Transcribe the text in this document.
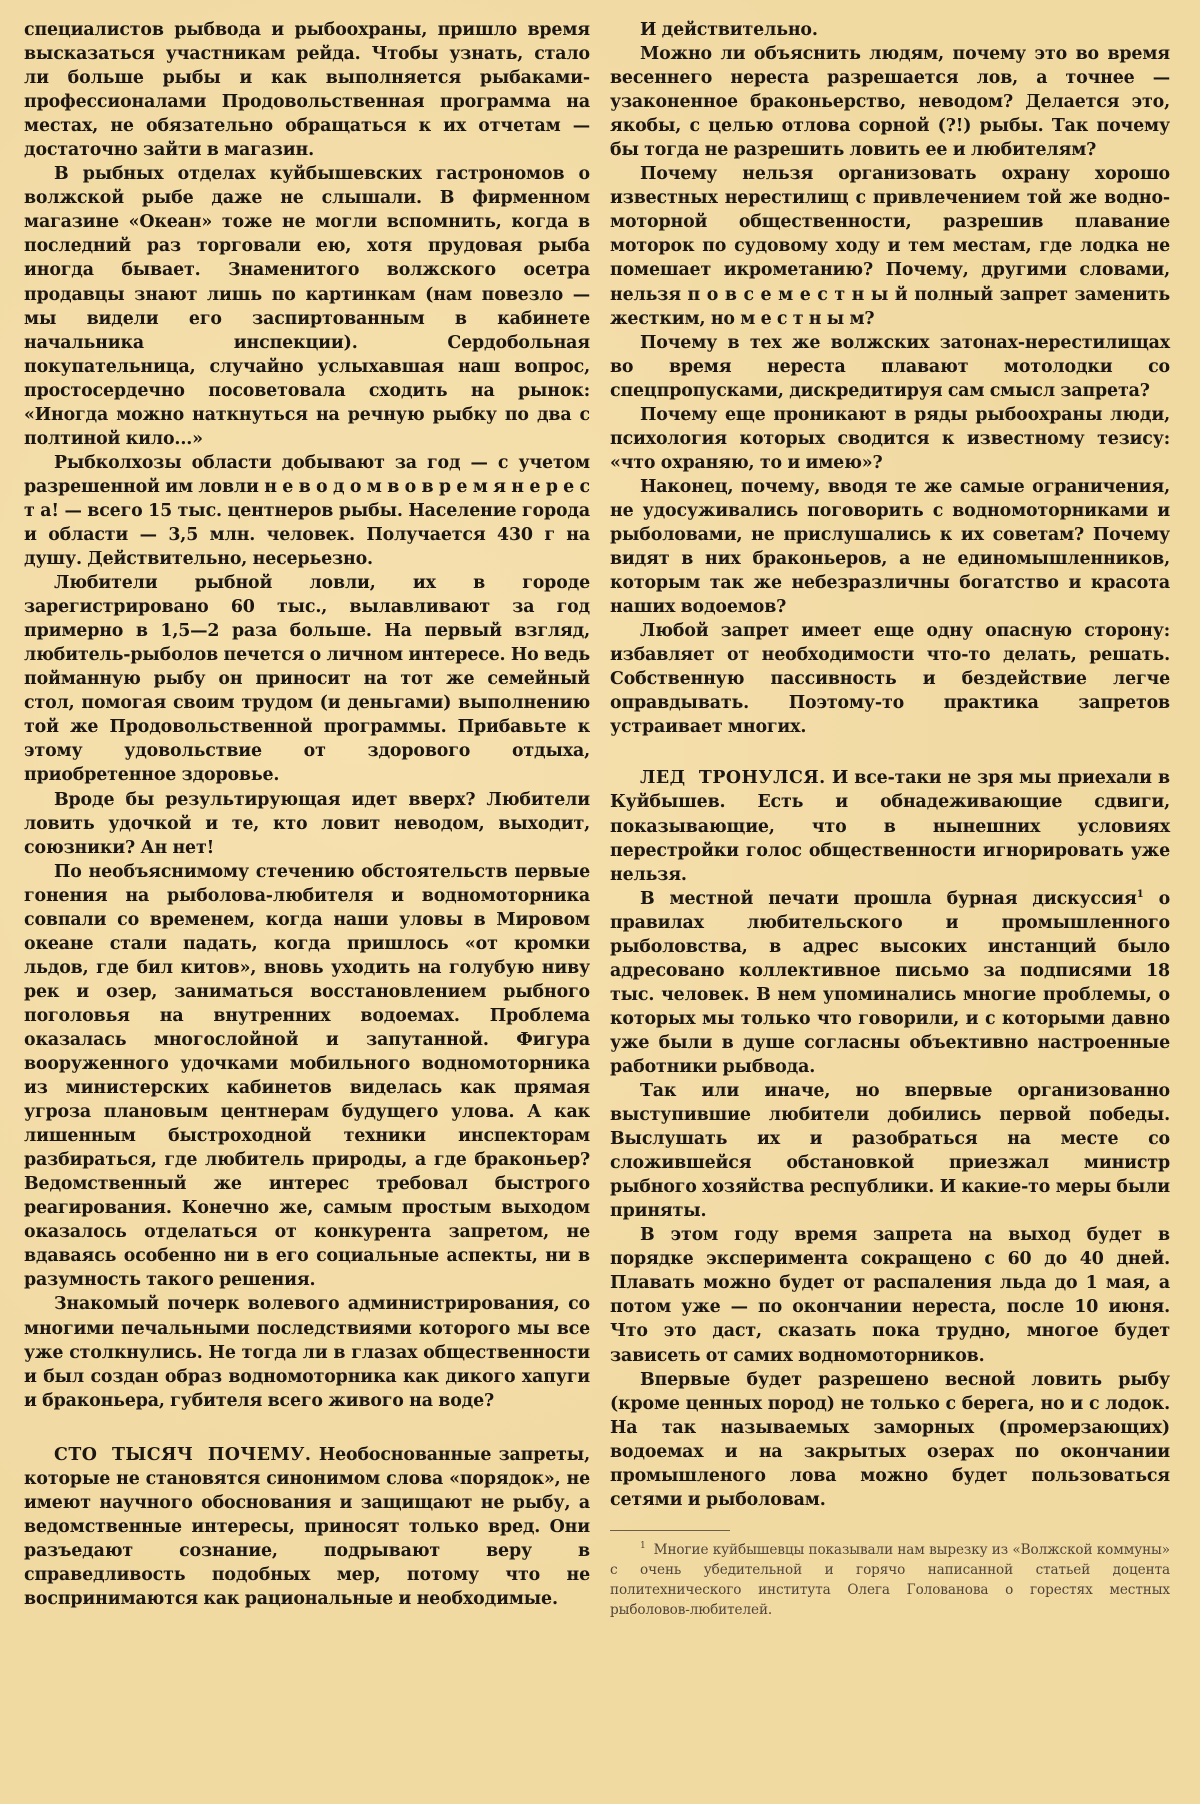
специалистов рыбвода и рыбоохраны, пришло время высказаться участникам рейда. Чтобы узнать, стало ли больше рыбы и как выполняется рыбаками-профессионалами Продовольственная программа на местах, не обязательно обращаться к их отчетам — достаточно зайти в магазин.

В рыбных отделах куйбышевских гастрономов о волжской рыбе даже не слышали. В фирменном магазине «Океан» тоже не могли вспомнить, когда в последний раз торговали ею, хотя прудовая рыба иногда бывает. Знаменитого волжского осетра продавцы знают лишь по картинкам (нам повезло — мы видели его заспиртованным в кабинете начальника инспекции). Сердобольная покупательница, случайно услыхавшая наш вопрос, простосердечно посоветовала сходить на рынок: «Иногда можно наткнуться на речную рыбку по два с полтиной кило...»

Рыбколхозы области добывают за год — с учетом разрешенной им ловли н е в о д о м в о в р е м я н е р е с т а! — всего 15 тыс. центнеров рыбы. Население города и области — 3,5 млн. человек. Получается 430 г на душу. Действительно, несерьезно.

Любители рыбной ловли, их в городе зарегистрировано 60 тыс., вылавливают за год примерно в 1,5—2 раза больше. На первый взгляд, любитель-рыболов печется о личном интересе. Но ведь пойманную рыбу он приносит на тот же семейный стол, помогая своим трудом (и деньгами) выполнению той же Продовольственной программы. Прибавьте к этому удовольствие от здорового отдыха, приобретенное здоровье.

Вроде бы результирующая идет вверх? Любители ловить удочкой и те, кто ловит неводом, выходит, союзники? Ан нет!

По необъяснимому стечению обстоятельств первые гонения на рыболова-любителя и водномоторника совпали со временем, когда наши уловы в Мировом океане стали падать, когда пришлось «от кромки льдов, где бил китов», вновь уходить на голубую ниву рек и озер, заниматься восстановлением рыбного поголовья на внутренних водоемах. Проблема оказалась многослойной и запутанной. Фигура вооруженного удочками мобильного водномоторника из министерских кабинетов виделась как прямая угроза плановым центнерам будущего улова. А как лишенным быстроходной техники инспекторам разбираться, где любитель природы, а где браконьер? Ведомственный же интерес требовал быстрого реагирования. Конечно же, самым простым выходом оказалось отделаться от конкурента запретом, не вдаваясь особенно ни в его социальные аспекты, ни в разумность такого решения.

Знакомый почерк волевого администрирования, со многими печальными последствиями которого мы все уже столкнулись. Не тогда ли в глазах общественности и был создан образ водномоторника как дикого хапуги и браконьера, губителя всего живого на воде?

СТО ТЫСЯЧ ПОЧЕМУ. Необоснованные запреты, которые не становятся синонимом слова «порядок», не имеют научного обоснования и защищают не рыбу, а ведомственные интересы, приносят только вред. Они разъедают сознание, подрывают веру в справедливость подобных мер, потому что не воспринимаются как рациональные и необходимые.

И действительно.

Можно ли объяснить людям, почему это во время весеннего нереста разрешается лов, а точнее — узаконенное браконьерство, неводом? Делается это, якобы, с целью отлова сорной (?!) рыбы. Так почему бы тогда не разрешить ловить ее и любителям?

Почему нельзя организовать охрану хорошо известных нерестилищ с привлечением той же водно-моторной общественности, разрешив плавание моторок по судовому ходу и тем местам, где лодка не помешает икрометанию? Почему, другими словами, нельзя п о в с е м е с т н ы й полный запрет заменить жестким, но м е с т н ы м?

Почему в тех же волжских затонах-нерестилищах во время нереста плавают мотолодки со спецпропусками, дискредитируя сам смысл запрета?

Почему еще проникают в ряды рыбоохраны люди, психология которых сводится к известному тезису: «что охраняю, то и имею»?

Наконец, почему, вводя те же самые ограничения, не удосуживались поговорить с водномоторниками и рыболовами, не прислушались к их советам? Почему видят в них браконьеров, а не единомышленников, которым так же небезразличны богатство и красота наших водоемов?

Любой запрет имеет еще одну опасную сторону: избавляет от необходимости что-то делать, решать. Собственную пассивность и бездействие легче оправдывать. Поэтому-то практика запретов устраивает многих.

ЛЕД ТРОНУЛСЯ. И все-таки не зря мы приехали в Куйбышев. Есть и обнадеживающие сдвиги, показывающие, что в нынешних условиях перестройки голос общественности игнорировать уже нельзя.

В местной печати прошла бурная дискуссия$^1$ о правилах любительского и промышленного рыболовства, в адрес высоких инстанций было адресовано коллективное письмо за подписями 18 тыс. человек. В нем упоминались многие проблемы, о которых мы только что говорили, и с которыми давно уже были в душе согласны объективно настроенные работники рыбвода.

Так или иначе, но впервые организованно выступившие любители добились первой победы. Выслушать их и разобраться на месте со сложившейся обстановкой приезжал министр рыбного хозяйства республики. И какие-то меры были приняты.

В этом году время запрета на выход будет в порядке эксперимента сокращено с 60 до 40 дней. Плавать можно будет от распаления льда до 1 мая, а потом уже — по окончании нереста, после 10 июня. Что это даст, сказать пока трудно, многое будет зависеть от самих водномоторников.

Впервые будет разрешено весной ловить рыбу (кроме ценных пород) не только с берега, но и с лодок. На так называемых заморных (промерзающих) водоемах и на закрытых озерах по окончании промышленого лова можно будет пользоваться сетями и рыболовам.

$^1$ Многие куйбышевцы показывали нам вырезку из «Волжской коммуны» с очень убедительной и горячо написанной статьей доцента политехнического института Олега Голованова о горестях местных рыболовов-любителей.
